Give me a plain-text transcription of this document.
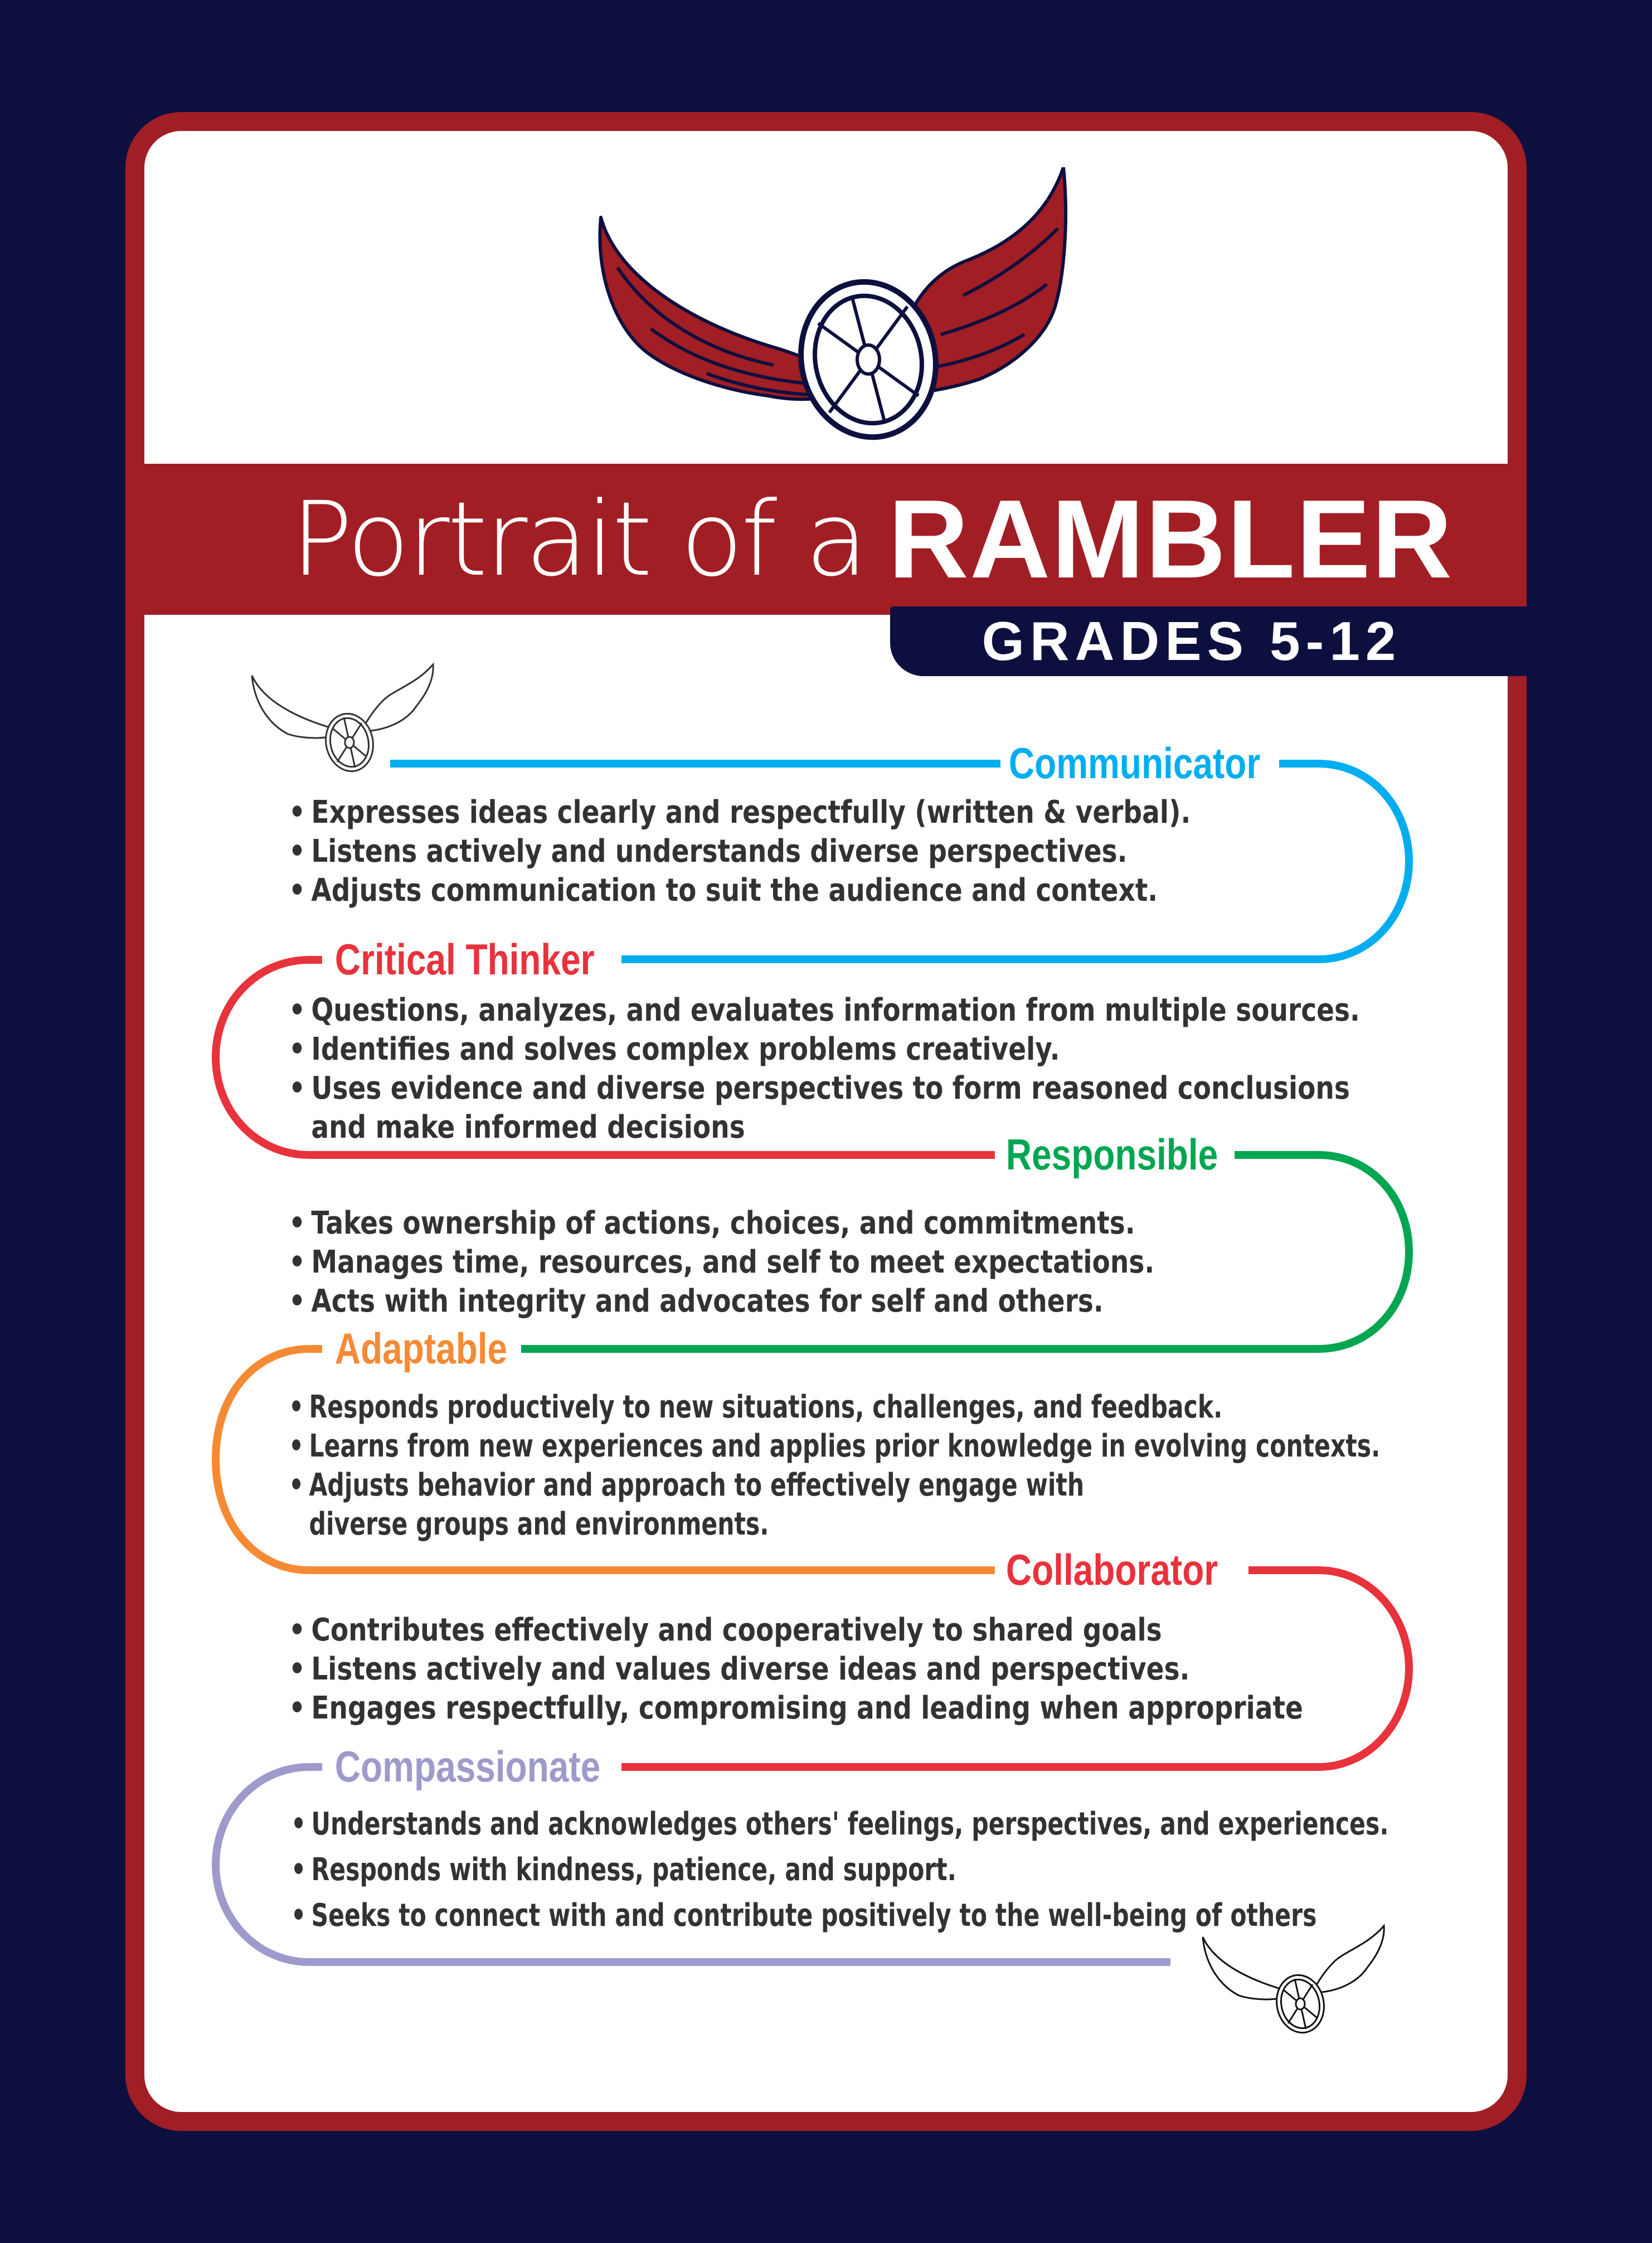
Portrait of a RAMBLER
GRADES 5-12
Communicator
Critical Thinker
Responsible
Adaptable
Collaborator
Compassionate
• Expresses ideas clearly and respectfully (written & verbal).
• Listens actively and understands diverse perspectives.
• Adjusts communication to suit the audience and context.
• Questions, analyzes, and evaluates information from multiple sources.
• Identifies and solves complex problems creatively.
• Uses evidence and diverse perspectives to form reasoned conclusions
and make informed decisions
• Takes ownership of actions, choices, and commitments.
• Manages time, resources, and self to meet expectations.
• Acts with integrity and advocates for self and others.
• Responds productively to new situations, challenges, and feedback.
• Learns from new experiences and applies prior knowledge in evolving contexts.
• Adjusts behavior and approach to effectively engage with
diverse groups and environments.
• Contributes effectively and cooperatively to shared goals
• Listens actively and values diverse ideas and perspectives.
• Engages respectfully, compromising and leading when appropriate
• Understands and acknowledges others' feelings, perspectives, and experiences.
• Responds with kindness, patience, and support.
• Seeks to connect with and contribute positively to the well-being of others
